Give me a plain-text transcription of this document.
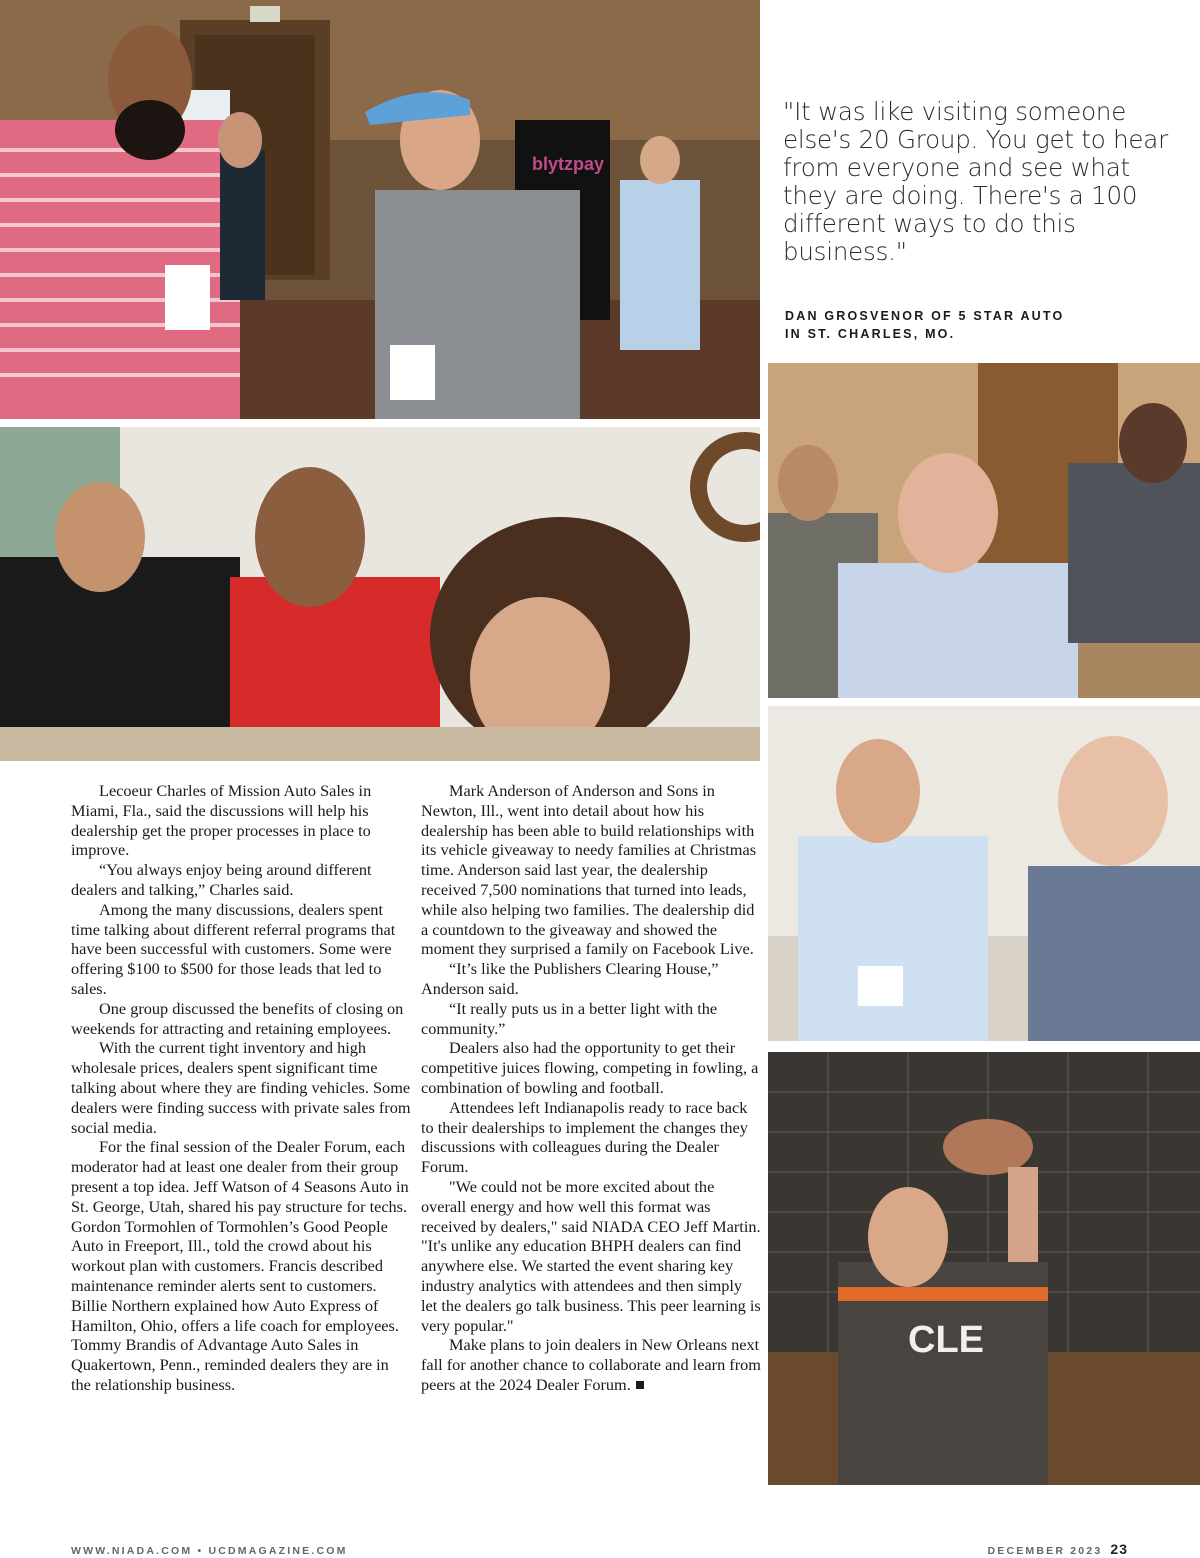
blytzpay
"It was like visiting someone else's 20 Group. You get to hear from everyone and see what they are doing. There's a 100 different ways to do this business."
DAN GROSVENOR OF 5 STAR AUTO
IN ST. CHARLES, MO.
CLE

Lecoeur Charles of Mission Auto Sales in Miami, Fla., said the discussions will help his dealership get the proper processes in place to improve.

“You always enjoy being around different dealers and talking,” Charles said.

Among the many discussions, dealers spent time talking about different referral programs that have been successful with customers. Some were offering $100 to $500 for those leads that led to sales.

One group discussed the benefits of closing on weekends for attracting and retaining employees.

With the current tight inventory and high wholesale prices, dealers spent significant time talking about where they are finding vehicles. Some dealers were finding success with private sales from social media.

For the final session of the Dealer Forum, each moderator had at least one dealer from their group present a top idea. Jeff Watson of 4 Seasons Auto in St. George, Utah, shared his pay structure for techs. Gordon Tormohlen of Tormohlen’s Good People Auto in Freeport, Ill., told the crowd about his workout plan with customers. Francis described maintenance reminder alerts sent to customers. Billie Northern explained how Auto Express of Hamilton, Ohio, offers a life coach for employees. Tommy Brandis of Advantage Auto Sales in Quakertown, Penn., reminded dealers they are in the relationship business.

Mark Anderson of Anderson and Sons in Newton, Ill., went into detail about how his dealership has been able to build relationships with its vehicle giveaway to needy families at Christmas time. Anderson said last year, the dealership received 7,500 nominations that turned into leads, while also helping two families. The dealership did a countdown to the giveaway and showed the moment they surprised a family on Facebook Live.

“It’s like the Publishers Clearing House,” Anderson said.

“It really puts us in a better light with the community.”

Dealers also had the opportunity to get their competitive juices flowing, competing in fowling, a combination of bowling and football.

Attendees left Indianapolis ready to race back to their dealerships to implement the changes they discussions with colleagues during the Dealer Forum.

"We could not be more excited about the overall energy and how well this format was received by dealers," said NIADA CEO Jeff Martin. "It's unlike any education BHPH dealers can find anywhere else. We started the event sharing key industry analytics with attendees and then simply let the dealers go talk business. This peer learning is very popular."

Make plans to join dealers in New Orleans next fall for another chance to collaborate and learn from peers at the 2024 Dealer Forum.

WWW.NIADA.COM • UCDMAGAZINE.COM	DECEMBER 2023 23
